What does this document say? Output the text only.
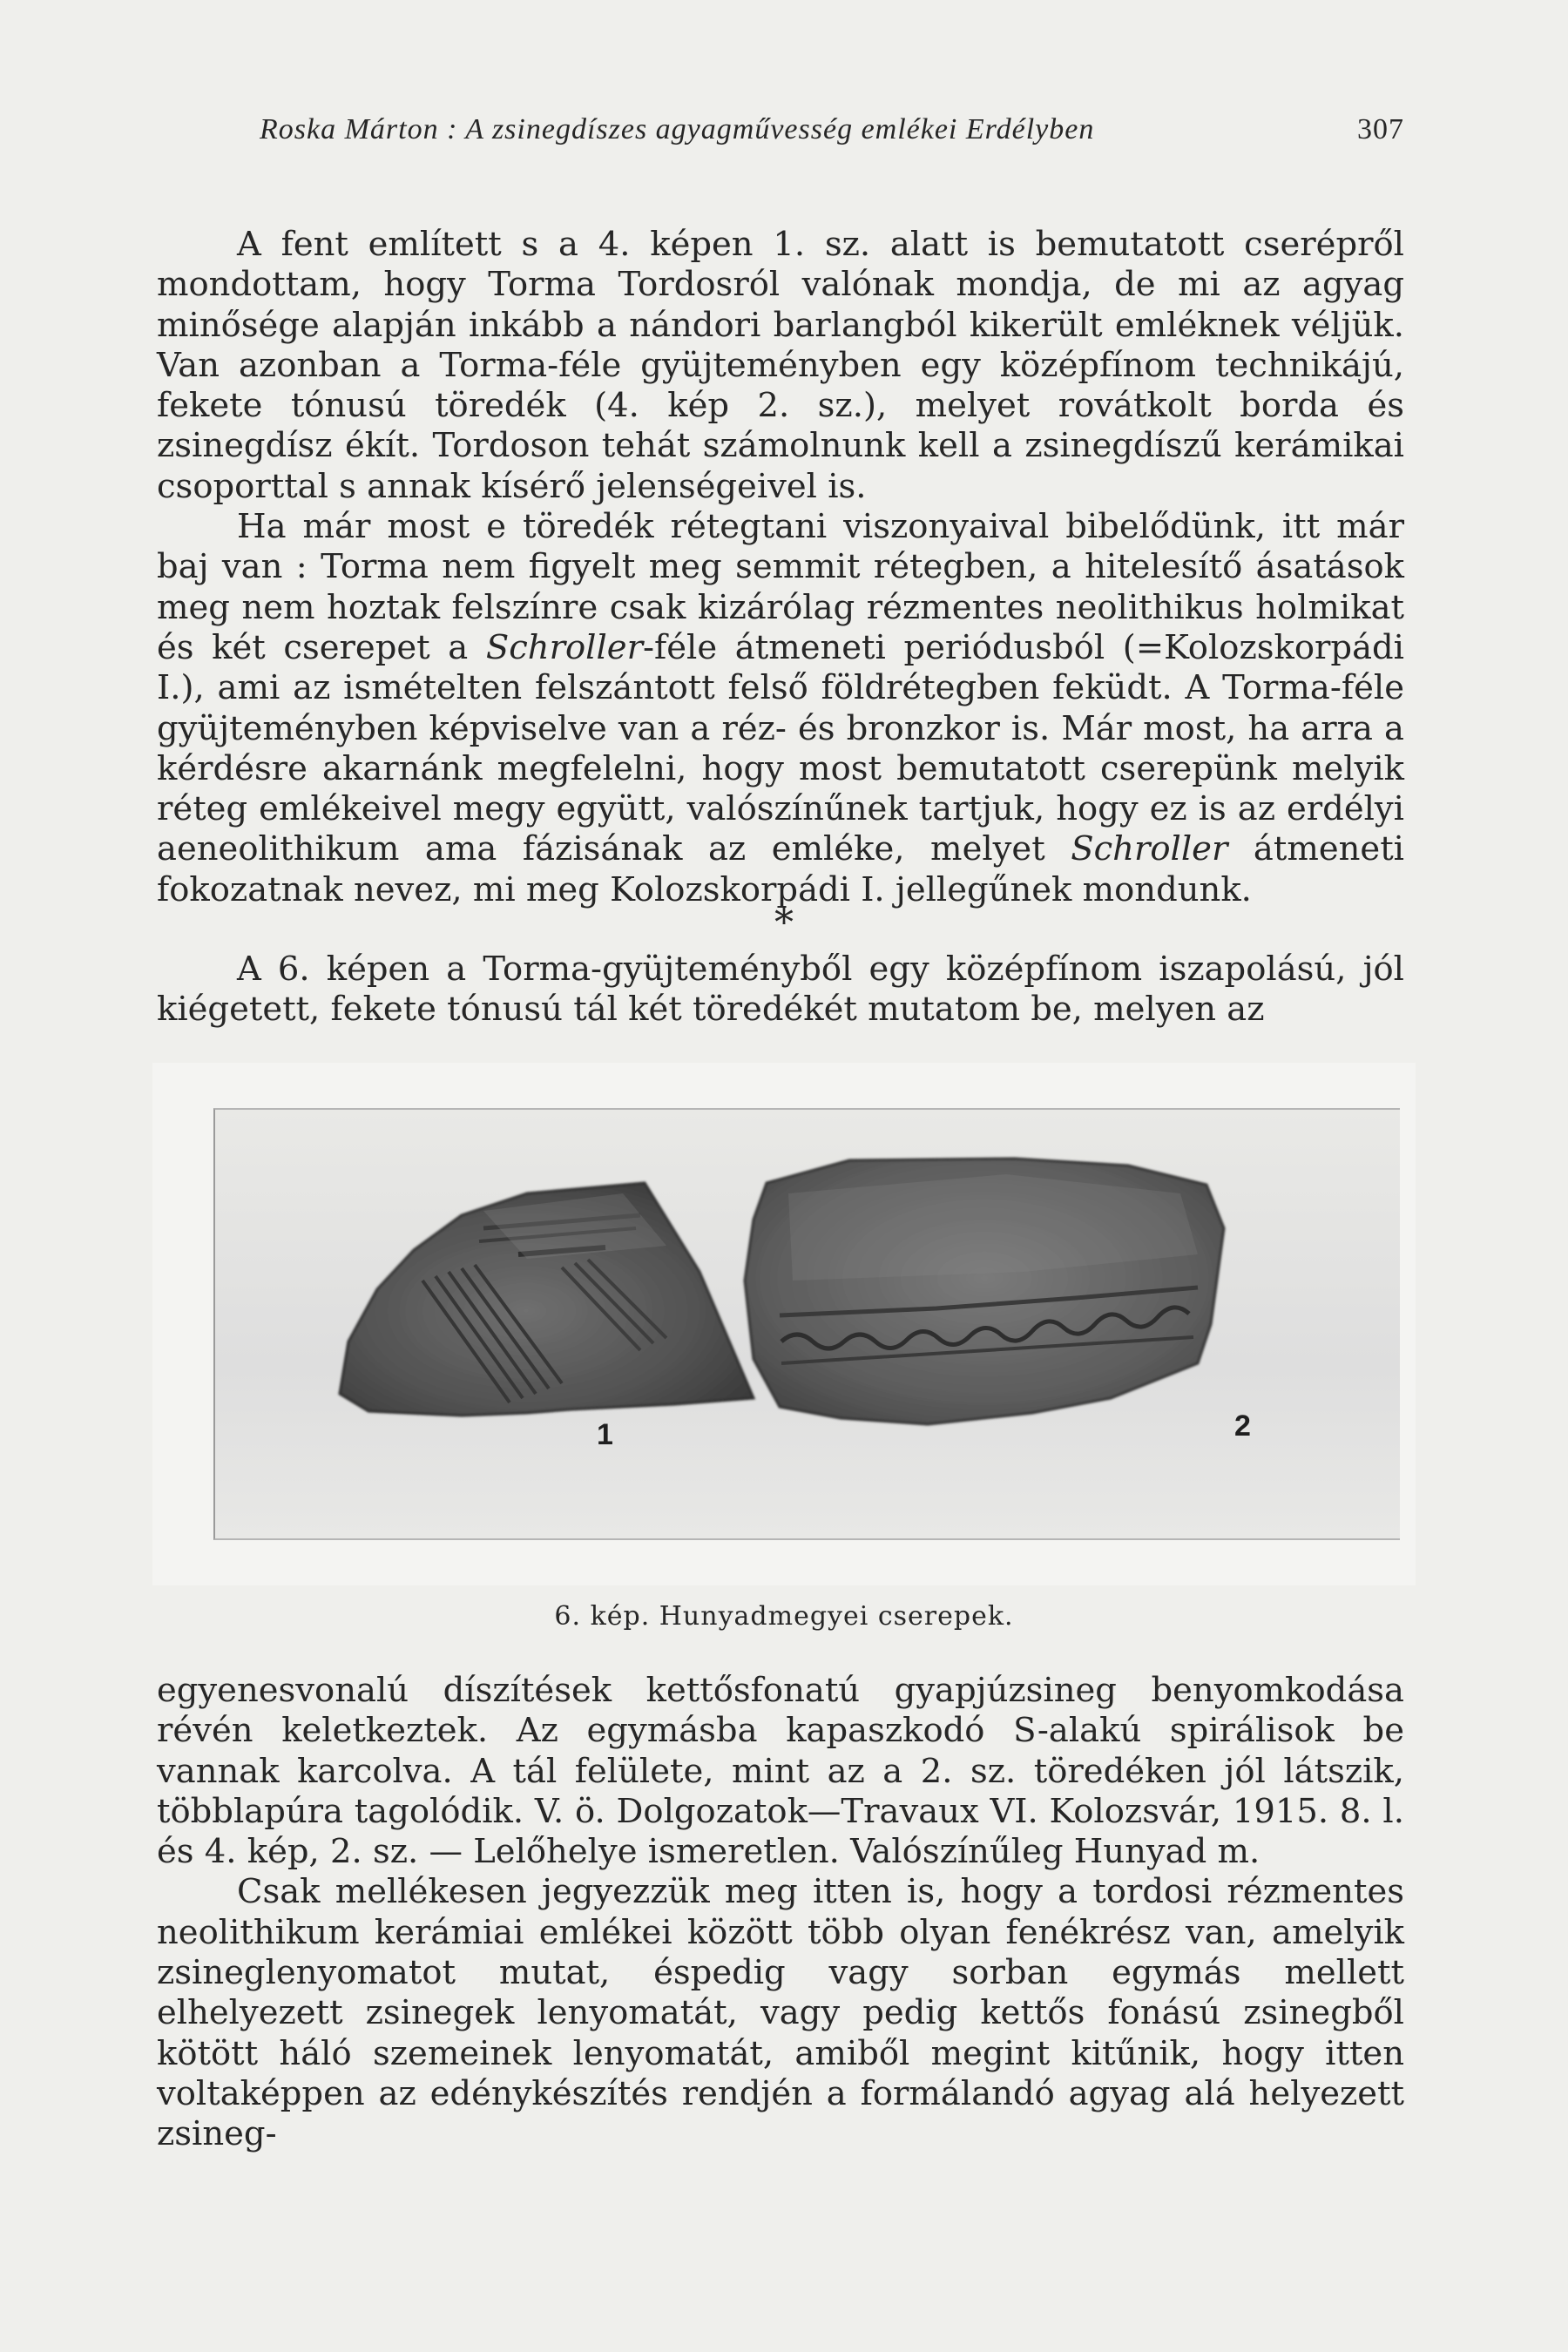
Roska Márton : A zsinegdíszes agyagművesség emlékei Erdélyben	307

A fent említett s a 4. képen 1. sz. alatt is bemutatott cserépről mondottam, hogy Torma Tordosról valónak mondja, de mi az agyag minősége alapján inkább a nándori barlangból kikerült emléknek véljük. Van azonban a Torma-féle gyüjteményben egy középfínom technikájú, fekete tónusú töredék (4. kép 2. sz.), melyet rovátkolt borda és zsinegdísz ékít. Tordoson tehát számolnunk kell a zsinegdíszű kerámikai csoporttal s annak kísérő jelenségeivel is.

Ha már most e töredék rétegtani viszonyaival bibelődünk, itt már baj van : Torma nem figyelt meg semmit rétegben, a hitelesítő ásatások meg nem hoztak felszínre csak kizárólag rézmentes neolithikus holmikat és két cserepet a Schroller-féle átmeneti periódusból (=Kolozskorpádi I.), ami az ismételten felszántott felső földrétegben feküdt. A Torma-féle gyüjteményben képviselve van a réz- és bronzkor is. Már most, ha arra a kérdésre akarnánk megfelelni, hogy most bemutatott cserepünk melyik réteg emlékeivel megy együtt, valószínűnek tartjuk, hogy ez is az erdélyi aeneolithikum ama fázisának az emléke, melyet Schroller átmeneti fokozatnak nevez, mi meg Kolozskorpádi I. jellegűnek mondunk.

*

A 6. képen a Torma-gyüjteményből egy középfínom iszapolású, jól kiégetett, fekete tónusú tál két töredékét mutatom be, melyen az

1	2
6. kép. Hunyadmegyei cserepek.

egyenesvonalú díszítések kettősfonatú gyapjúzsineg benyomkodása révén keletkeztek. Az egymásba kapaszkodó S-alakú spirálisok be vannak karcolva. A tál felülete, mint az a 2. sz. töredéken jól látszik, többlapúra tagolódik. V. ö. Dolgozatok—Travaux VI. Kolozsvár, 1915. 8. l. és 4. kép, 2. sz. — Lelőhelye ismeretlen. Valószínűleg Hunyad m.

Csak mellékesen jegyezzük meg itten is, hogy a tordosi rézmentes neolithikum kerámiai emlékei között több olyan fenékrész van, amelyik zsineglenyomatot mutat, éspedig vagy sorban egymás mellett elhelyezett zsinegek lenyomatát, vagy pedig kettős fonású zsinegből kötött háló szemeinek lenyomatát, amiből megint kitűnik, hogy itten voltaképpen az edénykészítés rendjén a formálandó agyag alá helyezett zsineg-
